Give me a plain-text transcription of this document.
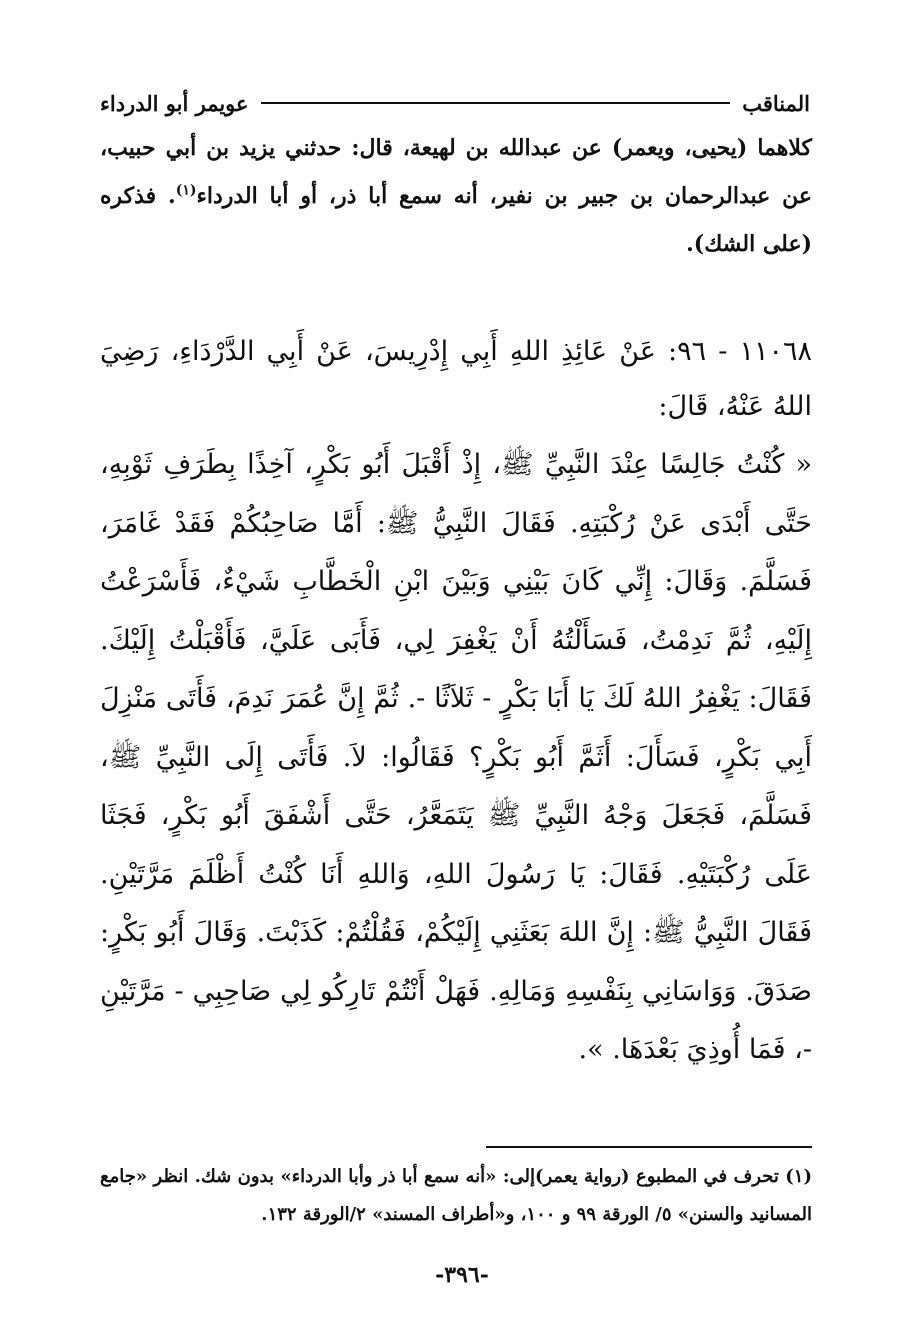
المناقب
عويمر أبو الدرداء

كلاهما (يحيى، ويعمر) عن عبدالله بن لهيعة، قال: حدثني يزيد بن أبي حبيب، عن عبدالرحمان بن جبير بن نفير، أنه سمع أبا ذر، أو أبا الدرداء$^{(١)}$. فذكره (على الشك).

١١٠٦٨ - ٩٦: عَنْ عَائِذِ اللهِ أَبِي إِدْرِيسَ، عَنْ أَبِي الدَّرْدَاءِ، رَضِيَ اللهُ عَنْهُ، قَالَ:

« كُنْتُ جَالِسًا عِنْدَ النَّبِيِّ ﷺ، إِذْ أَقْبَلَ أَبُو بَكْرٍ، آخِذًا بِطَرَفِ ثَوْبِهِ، حَتَّى أَبْدَى عَنْ رُكْبَتِهِ. فَقَالَ النَّبِيُّ ﷺ: أَمَّا صَاحِبُكُمْ فَقَدْ غَامَرَ، فَسَلَّمَ. وَقَالَ: إِنِّي كَانَ بَيْنِي وَبَيْنَ ابْنِ الْخَطَّابِ شَيْءٌ، فَأَسْرَعْتُ إِلَيْهِ، ثُمَّ نَدِمْتُ، فَسَأَلْتُهُ أَنْ يَغْفِرَ لِي، فَأَبَى عَلَيَّ، فَأَقْبَلْتُ إِلَيْكَ. فَقَالَ: يَغْفِرُ اللهُ لَكَ يَا أَبَا بَكْرٍ - ثَلاَثًا -. ثُمَّ إِنَّ عُمَرَ نَدِمَ، فَأَتَى مَنْزِلَ أَبِي بَكْرٍ، فَسَأَلَ: أَثَمَّ أَبُو بَكْرٍ؟ فَقَالُوا: لاَ. فَأَتَى إِلَى النَّبِيِّ ﷺ، فَسَلَّمَ، فَجَعَلَ وَجْهُ النَّبِيِّ ﷺ يَتَمَعَّرُ، حَتَّى أَشْفَقَ أَبُو بَكْرٍ، فَجَثَا عَلَى رُكْبَتَيْهِ. فَقَالَ: يَا رَسُولَ اللهِ، وَاللهِ أَنَا كُنْتُ أَظْلَمَ مَرَّتَيْنِ. فَقَالَ النَّبِيُّ ﷺ: إِنَّ اللهَ بَعَثَنِي إِلَيْكُمْ، فَقُلْتُمْ: كَذَبْتَ. وَقَالَ أَبُو بَكْرٍ: صَدَقَ. وَوَاسَانِي بِنَفْسِهِ وَمَالِهِ. فَهَلْ أَنْتُمْ تَارِكُو لِي صَاحِبِي - مَرَّتَيْنِ -، فَمَا أُوذِيَ بَعْدَهَا. ».

(١) تحرف في المطبوع (رواية يعمر)إلى: «أنه سمع أبا ذر وأبا الدرداء» بدون شك. انظر «جامع المسانيد والسنن» ٥/ الورقة ٩٩ و ١٠٠، و«أطراف المسند» ٢/الورقة ١٣٢.

-٣٩٦-
